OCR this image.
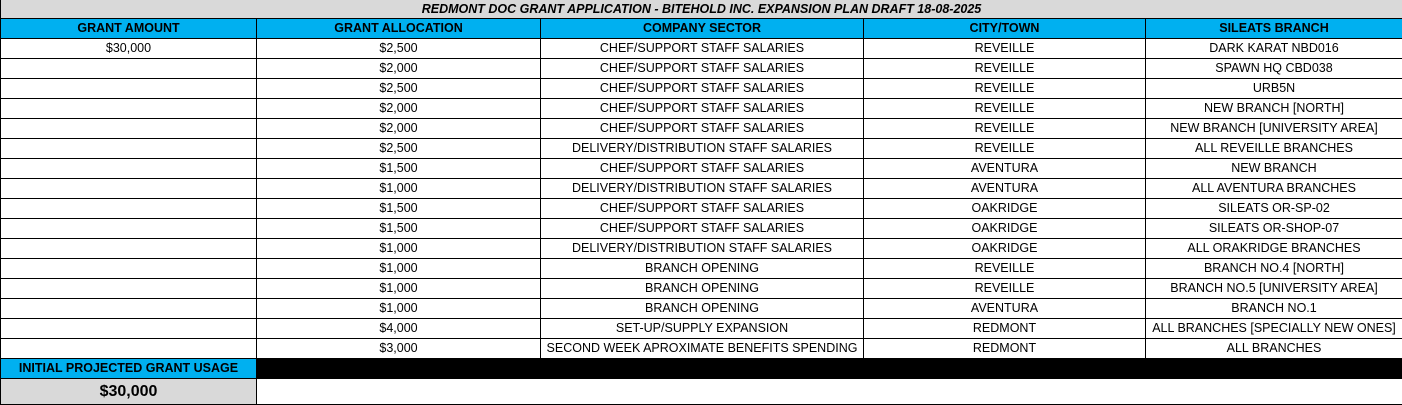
REDMONT DOC GRANT APPLICATION - BITEHOLD INC. EXPANSION PLAN DRAFT 18-08-2025				
GRANT AMOUNT	GRANT ALLOCATION	COMPANY SECTOR	CITY/TOWN	SILEATS BRANCH
$30,000	$2,500	CHEF/SUPPORT STAFF SALARIES	REVEILLE	DARK KARAT NBD016
	$2,000	CHEF/SUPPORT STAFF SALARIES	REVEILLE	SPAWN HQ CBD038
	$2,500	CHEF/SUPPORT STAFF SALARIES	REVEILLE	URB5N
	$2,000	CHEF/SUPPORT STAFF SALARIES	REVEILLE	NEW BRANCH [NORTH]
	$2,000	CHEF/SUPPORT STAFF SALARIES	REVEILLE	NEW BRANCH [UNIVERSITY AREA]
	$2,500	DELIVERY/DISTRIBUTION STAFF SALARIES	REVEILLE	ALL REVEILLE BRANCHES
	$1,500	CHEF/SUPPORT STAFF SALARIES	AVENTURA	NEW BRANCH
	$1,000	DELIVERY/DISTRIBUTION STAFF SALARIES	AVENTURA	ALL AVENTURA BRANCHES
	$1,500	CHEF/SUPPORT STAFF SALARIES	OAKRIDGE	SILEATS OR-SP-02
	$1,500	CHEF/SUPPORT STAFF SALARIES	OAKRIDGE	SILEATS OR-SHOP-07
	$1,000	DELIVERY/DISTRIBUTION STAFF SALARIES	OAKRIDGE	ALL ORAKRIDGE BRANCHES
	$1,000	BRANCH OPENING	REVEILLE	BRANCH NO.4 [NORTH]
	$1,000	BRANCH OPENING	REVEILLE	BRANCH NO.5 [UNIVERSITY AREA]
	$1,000	BRANCH OPENING	AVENTURA	BRANCH NO.1
	$4,000	SET-UP/SUPPLY EXPANSION	REDMONT	ALL BRANCHES [SPECIALLY NEW ONES]
	$3,000	SECOND WEEK APROXIMATE BENEFITS SPENDING	REDMONT	ALL BRANCHES
INITIAL PROJECTED GRANT USAGE				
$30,000				
